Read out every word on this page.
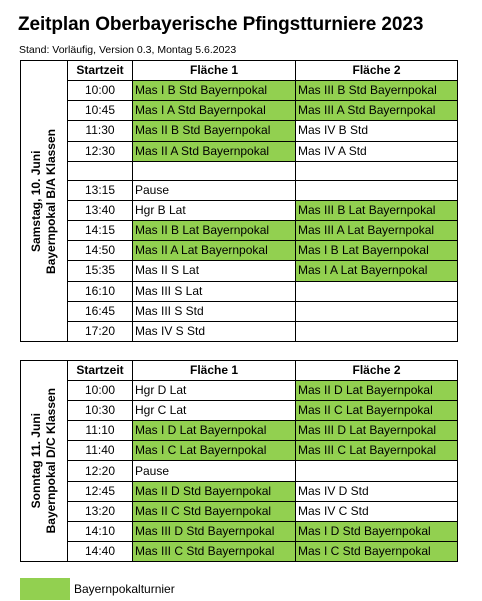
Zeitplan Oberbayerische Pfingstturniere 2023
Stand: Vorläufig, Version 0.3, Montag 5.6.2023
Samstag, 10. Juni Bayernpokal B/A Klassen	Startzeit	Fläche 1	Fläche 2
	10:00	Mas I B Std Bayernpokal	Mas III B Std Bayernpokal
	10:45	Mas I A Std Bayernpokal	Mas III A Std Bayernpokal
	11:30	Mas II B Std Bayernpokal	Mas IV B Std
	12:30	Mas II A Std Bayernpokal	Mas IV A Std

	13:15	Pause	
	13:40	Hgr B Lat	Mas III B Lat Bayernpokal
	14:15	Mas II B Lat Bayernpokal	Mas III A Lat Bayernpokal
	14:50	Mas II A Lat Bayernpokal	Mas I B Lat Bayernpokal
	15:35	Mas II S Lat	Mas I A Lat Bayernpokal
	16:10	Mas III S Lat	
	16:45	Mas III S Std	
	17:20	Mas IV S Std	
Sonntag 11. Juni Bayernpokal D/C Klassen	Startzeit	Fläche 1	Fläche 2
	10:00	Hgr D Lat	Mas II D Lat Bayernpokal
	10:30	Hgr C Lat	Mas II C Lat Bayernpokal
	11:10	Mas I D Lat Bayernpokal	Mas III D Lat Bayernpokal
	11:40	Mas I C Lat Bayernpokal	Mas III C Lat Bayernpokal
	12:20	Pause	
	12:45	Mas II D Std Bayernpokal	Mas IV D Std
	13:20	Mas II C Std Bayernpokal	Mas IV C Std
	14:10	Mas III D Std Bayernpokal	Mas I D Std Bayernpokal
	14:40	Mas III C Std Bayernpokal	Mas I C Std Bayernpokal
Bayernpokalturnier
